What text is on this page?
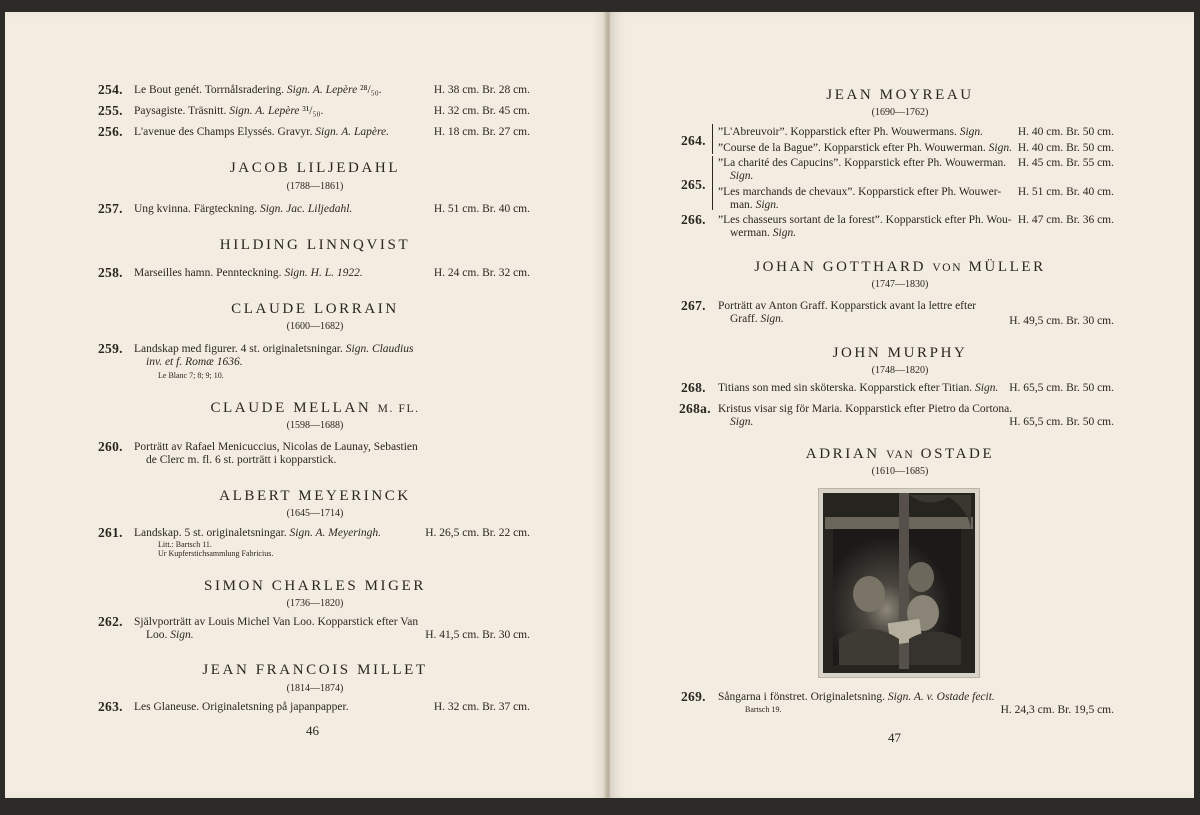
254. Le Bout genét. Torrnålsradering. Sign. A. Lepère ²⁸/₅₀.	H. 38 cm. Br. 28 cm.
255. Paysagiste. Träsnitt. Sign. A. Lepère ³¹/₅₀.	H. 32 cm. Br. 45 cm.
256. L'avenue des Champs Elyssés. Gravyr. Sign. A. Lapère.	H. 18 cm. Br. 27 cm.
JACOB LILJEDAHL
(1788—1861)
257. Ung kvinna. Färgteckning. Sign. Jac. Liljedahl.	H. 51 cm. Br. 40 cm.
HILDING LINNQVIST
258. Marseilles hamn. Pennteckning. Sign. H. L. 1922.	H. 24 cm. Br. 32 cm.
CLAUDE LORRAIN
(1600—1682)
259. Landskap med figurer. 4 st. originaletsningar. Sign. Claudius
inv. et f. Romæ 1636.
Le Blanc 7; 8; 9; 10.
CLAUDE MELLAN M. FL.
(1598—1688)
260. Porträtt av Rafael Menicuccius, Nicolas de Launay, Sebastien
de Clerc m. fl. 6 st. porträtt i kopparstick.
ALBERT MEYERINCK
(1645—1714)
261. Landskap. 5 st. originaletsningar. Sign. A. Meyeringh.	H. 26,5 cm. Br. 22 cm.
Litt.: Bartsch 11.
Ur Kupferstichsammlung Fabricius.
SIMON CHARLES MIGER
(1736—1820)
262. Självporträtt av Louis Michel Van Loo. Kopparstick efter Van
Loo. Sign.	H. 41,5 cm. Br. 30 cm.
JEAN FRANCOIS MILLET
(1814—1874)
263. Les Glaneuse. Originaletsning på japanpapper.	H. 32 cm. Br. 37 cm.
46
JEAN MOYREAU
(1690—1762)
264.
”L'Abreuvoir”. Kopparstick efter Ph. Wouwermans. Sign.	H. 40 cm. Br. 50 cm.
”Course de la Bague”. Kopparstick efter Ph. Wouwerman. Sign. H. 40 cm. Br. 50 cm.
265.
”La charité des Capucins”. Kopparstick efter Ph. Wouwerman.
Sign.
H. 45 cm. Br. 55 cm.
”Les marchands de chevaux”. Kopparstick efter Ph. Wouwer-
man. Sign.
H. 51 cm. Br. 40 cm.
266. ”Les chasseurs sortant de la forest”. Kopparstick efter Ph. Wou-
werman. Sign.
H. 47 cm. Br. 36 cm.
JOHAN GOTTHARD VON MÜLLER
(1747—1830)
267. Porträtt av Anton Graff. Kopparstick avant la lettre efter
Graff. Sign.	H. 49,5 cm. Br. 30 cm.
JOHN MURPHY
(1748—1820)
268. Titians son med sin sköterska. Kopparstick efter Titian. Sign. H. 65,5 cm. Br. 50 cm.
268a. Kristus visar sig för Maria. Kopparstick efter Pietro da Cortona.
Sign.	H. 65,5 cm. Br. 50 cm.
ADRIAN VAN OSTADE
(1610—1685)
269. Sångarna i fönstret. Originaletsning. Sign. A. v. Ostade fecit.
Bartsch 19.	H. 24,3 cm. Br. 19,5 cm.
47
